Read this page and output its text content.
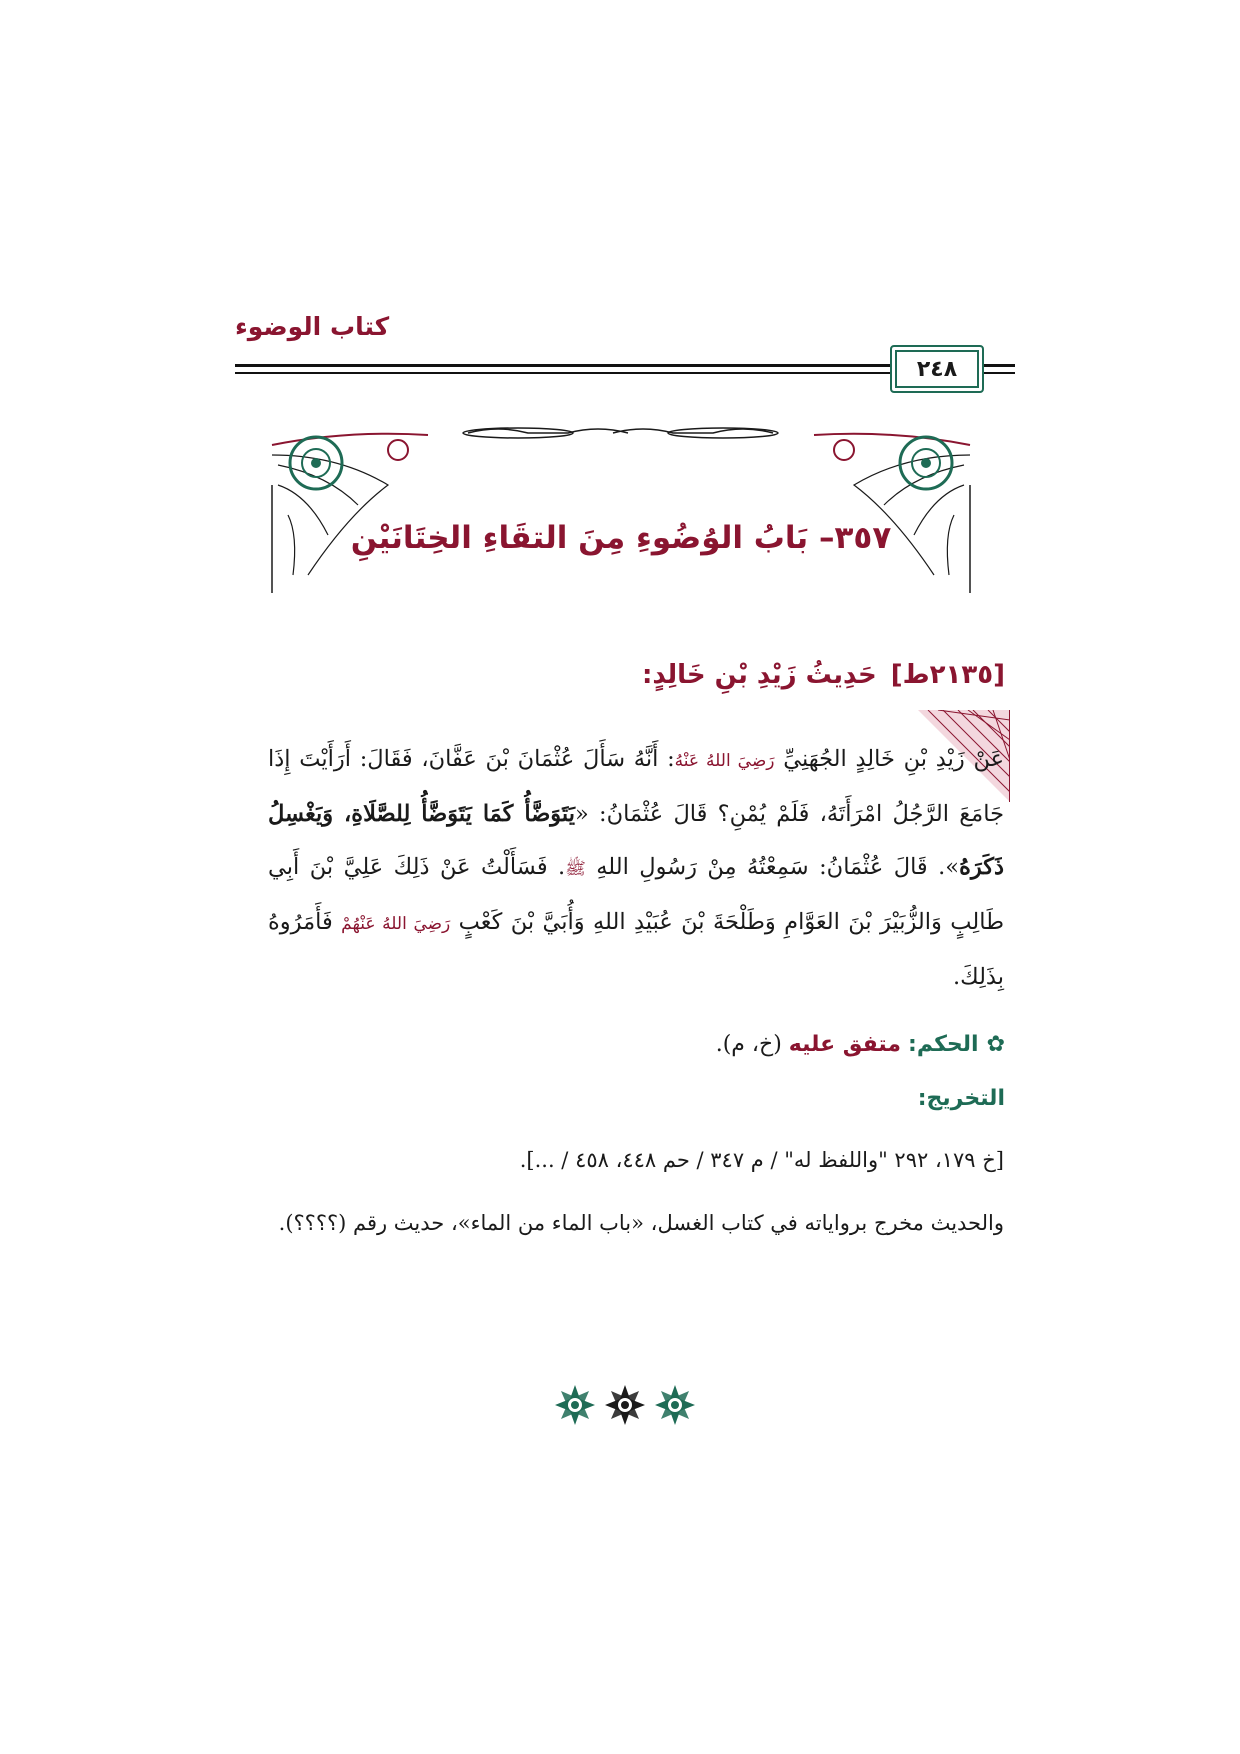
كتاب الوضوء
٢٤٨
٣٥٧– بَابُ الوُضُوءِ مِنَ التقَاءِ الخِتَانَيْنِ
[٢١٣٥ط]حَدِيثُ زَيْدِ بْنِ خَالِدٍ:
عَنْ زَيْدِ بْنِ خَالِدٍ الجُهَنِيِّ رَضِيَ اللهُ عَنْهُ: أَنَّهُ سَأَلَ عُثْمَانَ بْنَ عَفَّانَ، فَقَالَ: أَرَأَيْتَ إِذَا جَامَعَ الرَّجُلُ امْرَأَتَهُ، فَلَمْ يُمْنِ؟ قَالَ عُثْمَانُ: «يَتَوَضَّأُ كَمَا يَتَوَضَّأُ لِلصَّلَاةِ، وَيَغْسِلُ ذَكَرَهُ». قَالَ عُثْمَانُ: سَمِعْتُهُ مِنْ رَسُولِ اللهِ ﷺ. فَسَأَلْتُ عَنْ ذَلِكَ عَلِيَّ بْنَ أَبِي طَالِبٍ وَالزُّبَيْرَ بْنَ العَوَّامِ وَطَلْحَةَ بْنَ عُبَيْدِ اللهِ وَأُبَيَّ بْنَ كَعْبٍ رَضِيَ اللهُ عَنْهُمْ فَأَمَرُوهُ بِذَلِكَ.
✿الحكم: متفق عليه (خ، م).
التخريج:
[خ ١٧٩، ٢٩٢ "واللفظ له" / م ٣٤٧ / حم ٤٤٨، ٤٥٨ / ...].
والحديث مخرج برواياته في كتاب الغسل، «باب الماء من الماء»، حديث رقم (؟؟؟؟).
